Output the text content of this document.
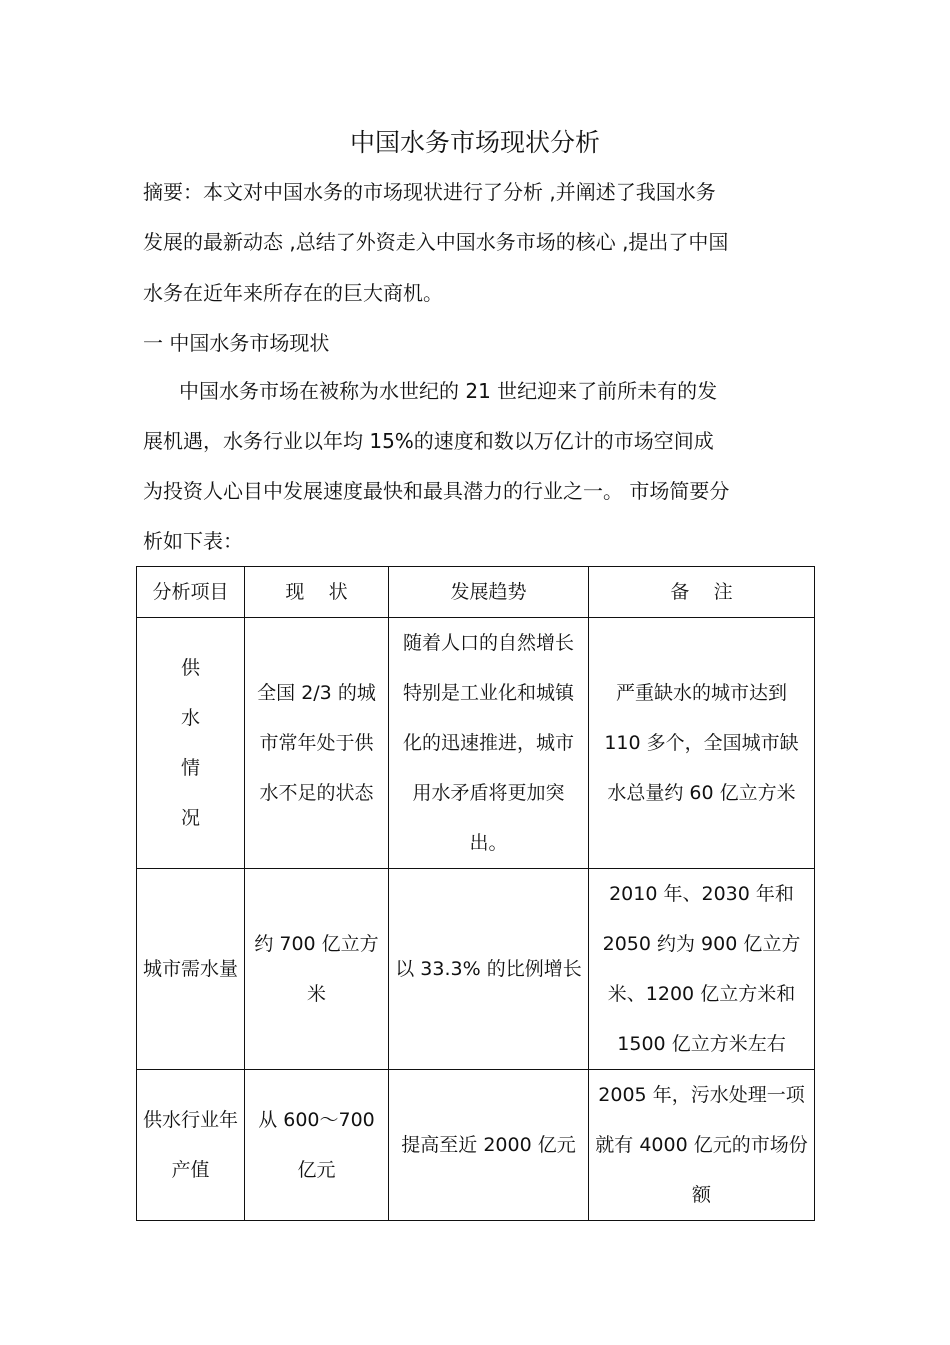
中国水务市场现状分析
摘要：本文对中国水务的市场现状进行了分析 ,并阐述了我国水务
发展的最新动态 ,总结了外资走入中国水务市场的核心 ,提出了中国
水务在近年来所存在的巨大商机。
一 中国水务市场现状
中国水务市场在被称为水世纪的 21 世纪迎来了前所未有的发
展机遇，水务行业以年均 15%的速度和数以万亿计的市场空间成
为投资人心目中发展速度最快和最具潜力的行业之一。 市场简要分
析如下表：
分析项目	现    状	发展趋势	备    注

供水情况	全国 2/3 的城市常年处于供水不足的状态	随着人口的自然增长特别是工业化和城镇化的迅速推进，城市用水矛盾将更加突出。	严重缺水的城市达到 110 多个，全国城市缺水总量约 60 亿立方米
城市需水量	约 700 亿立方米	以 33.3% 的比例增长	2010 年、2030 年和 2050 约为 900 亿立方米、1200 亿立方米和 1500 亿立方米左右
供水行业年产值	从 600～700 亿元	提高至近 2000 亿元	2005 年，污水处理一项就有 4000 亿元的市场份额
